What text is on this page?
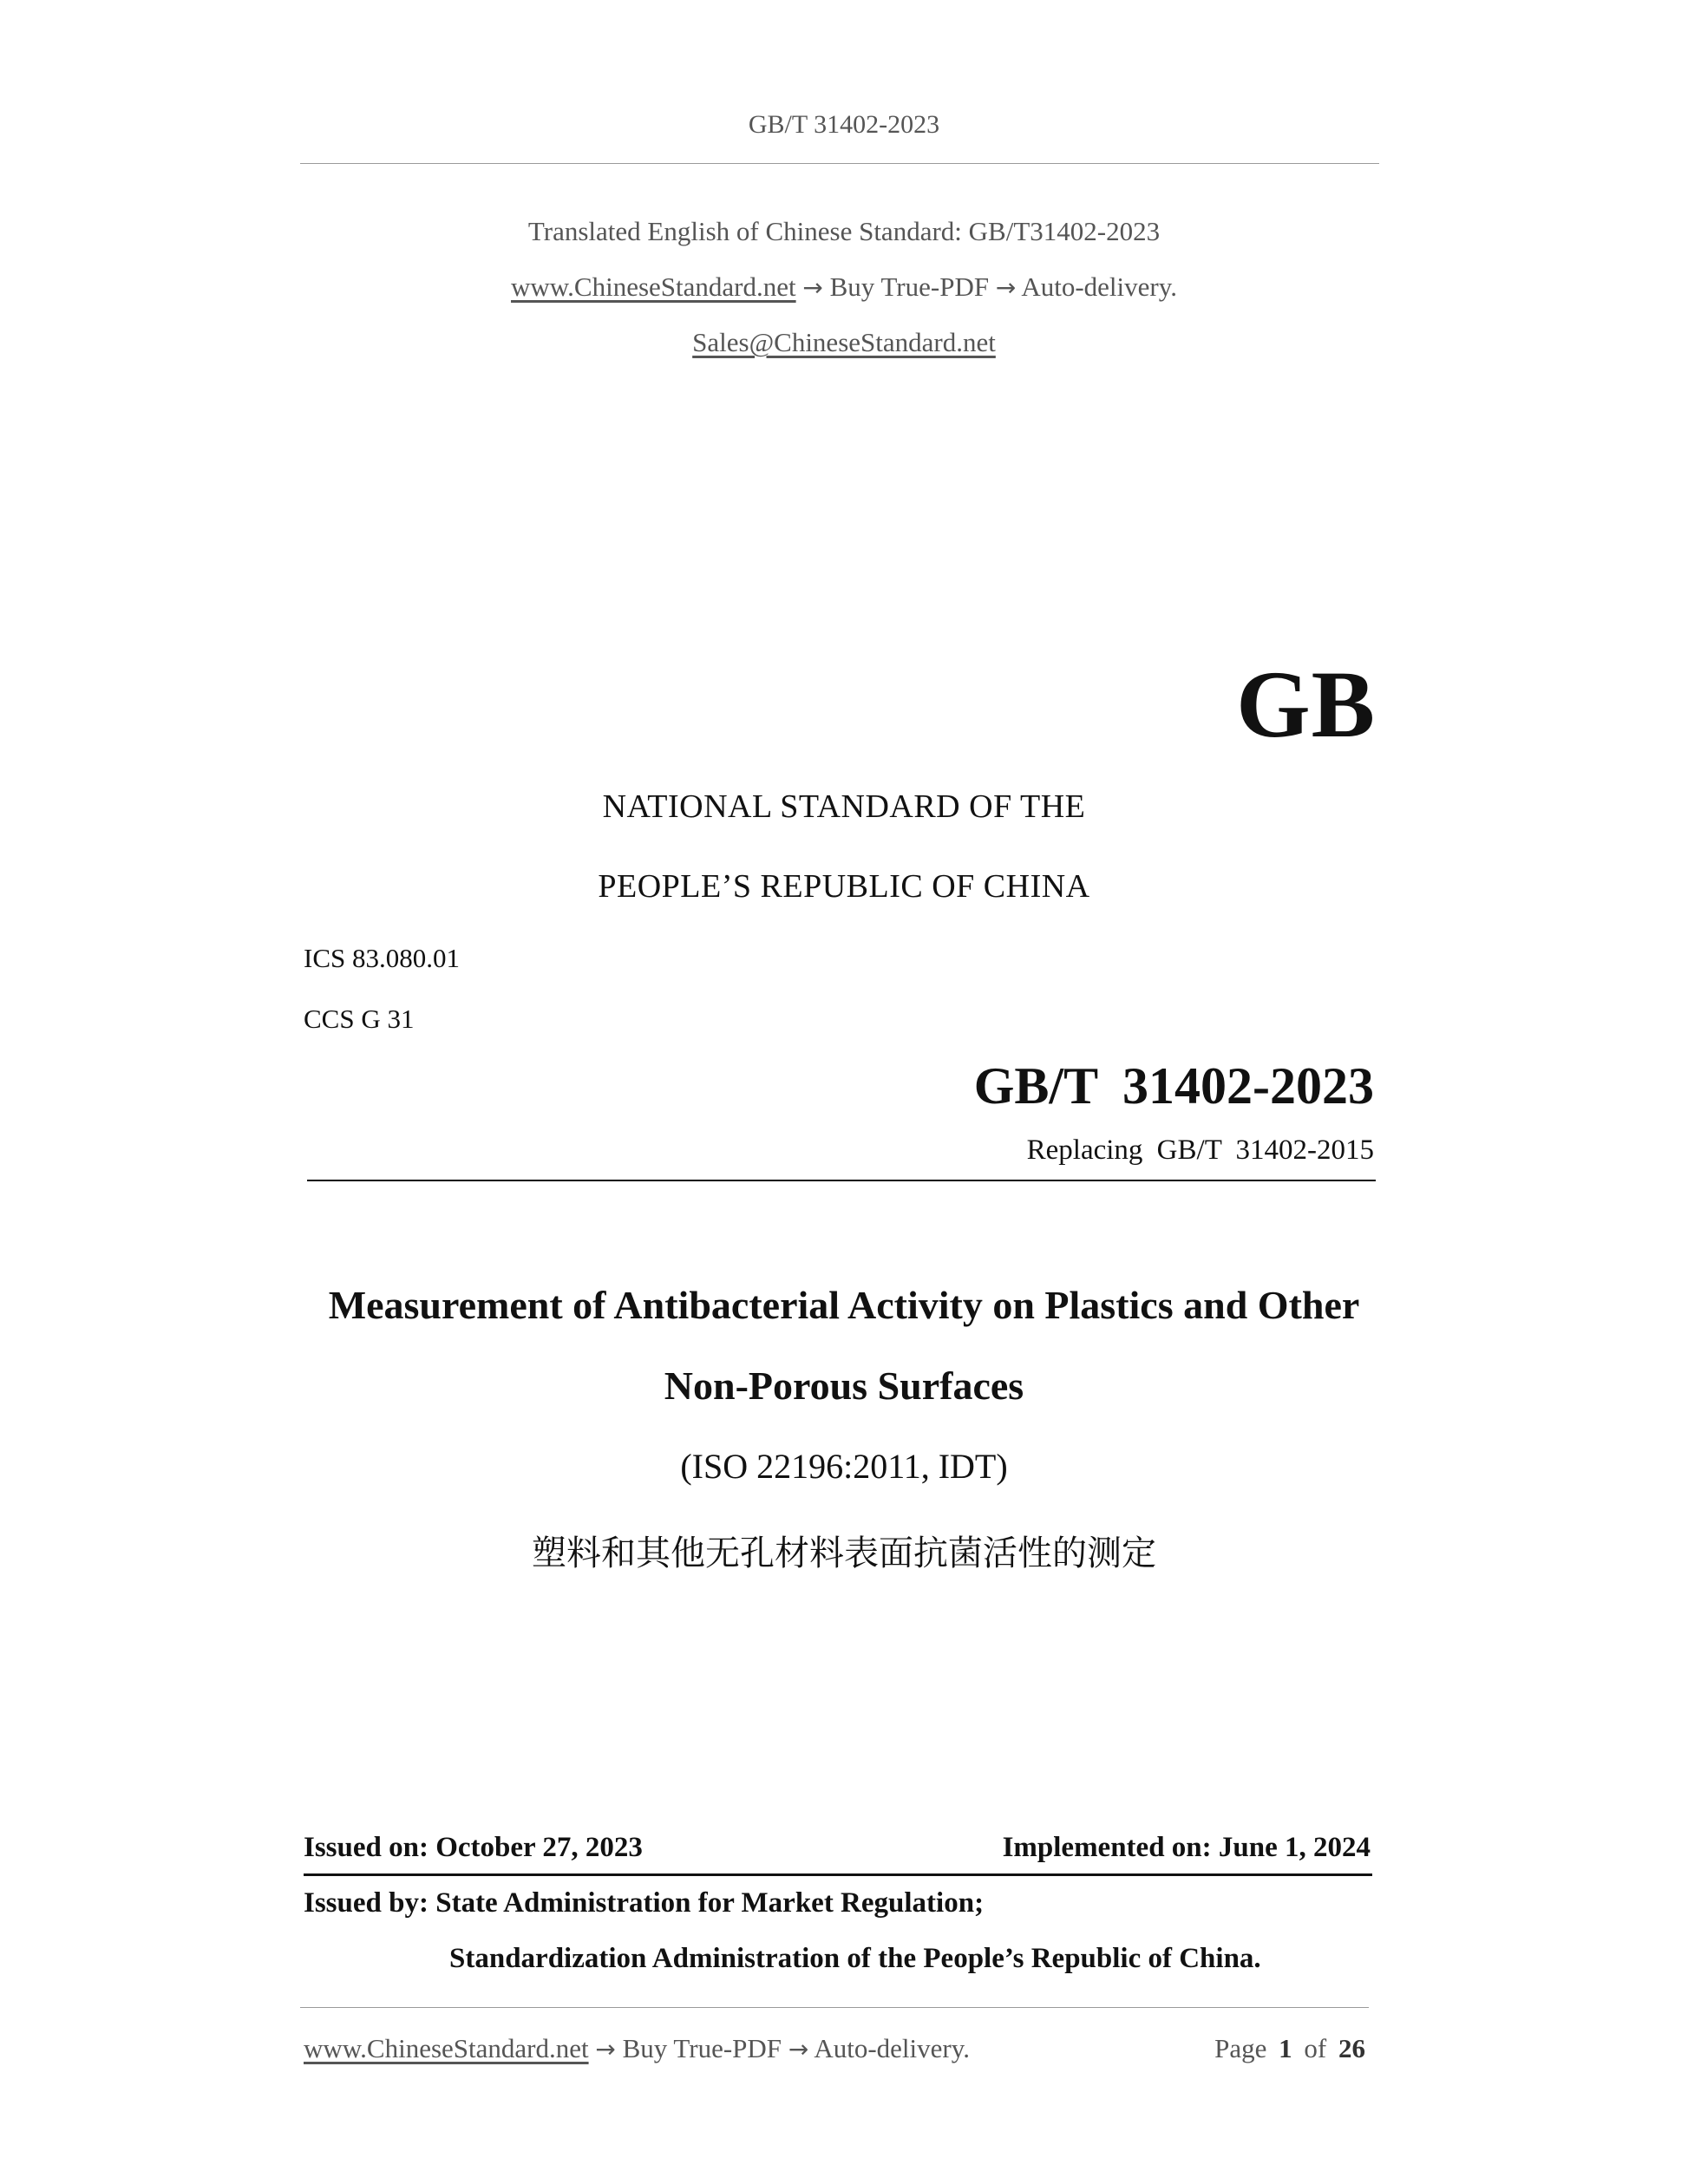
GB/T 31402-2023
Translated English of Chinese Standard: GB/T31402-2023
www.ChineseStandard.net → Buy True-PDF → Auto-delivery.
Sales@ChineseStandard.net
GB
NATIONAL STANDARD OF THE
PEOPLE’S REPUBLIC OF CHINA
ICS 83.080.01
CCS G 31
GB/T 31402-2023
Replacing GB/T 31402-2015
Measurement of Antibacterial Activity on Plastics and Other
Non-Porous Surfaces
(ISO 22196:2011, IDT)
塑料和其他无孔材料表面抗菌活性的测定
Issued on: October 27, 2023	Implemented on: June 1, 2024
Issued by: State Administration for Market Regulation;
Standardization Administration of the People’s Republic of China.
www.ChineseStandard.net → Buy True-PDF → Auto-delivery.	Page 1 of 26
